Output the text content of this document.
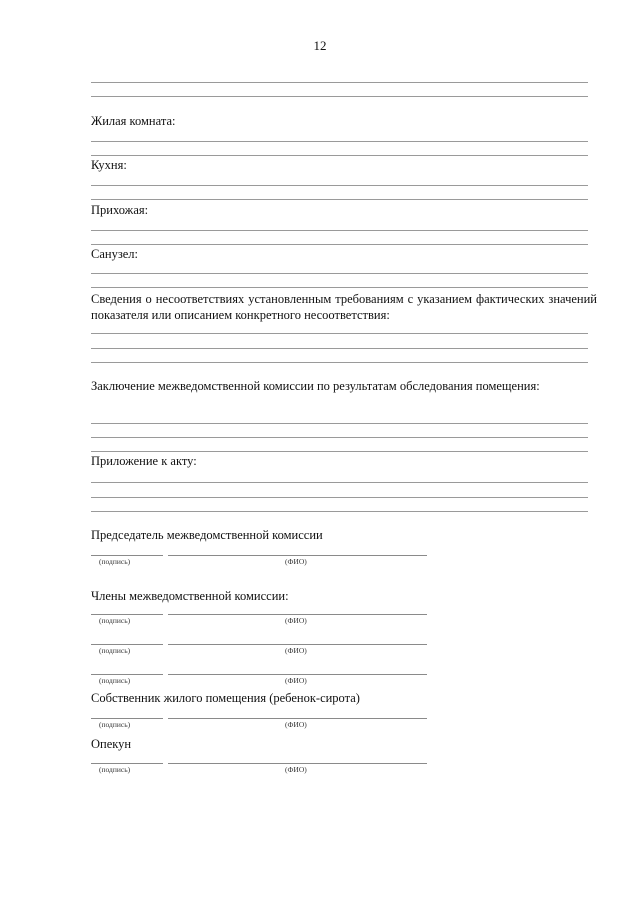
12
Жилая комната:
Кухня:
Прихожая:
Санузел:
Сведения о несоответствиях установленным требованиям с указанием фактических значений показателя или описанием конкретного несоответствия:
Заключение межведомственной комиссии по результатам обследования помещения:
Приложение к акту:
Председатель межведомственной комиссии
(подпись)	(ФИО)
Члены межведомственной комиссии:
(подпись)	(ФИО)
(подпись)	(ФИО)
(подпись)	(ФИО)
Собственник жилого помещения (ребенок-сирота)
(подпись)	(ФИО)
Опекун
(подпись)	(ФИО)
